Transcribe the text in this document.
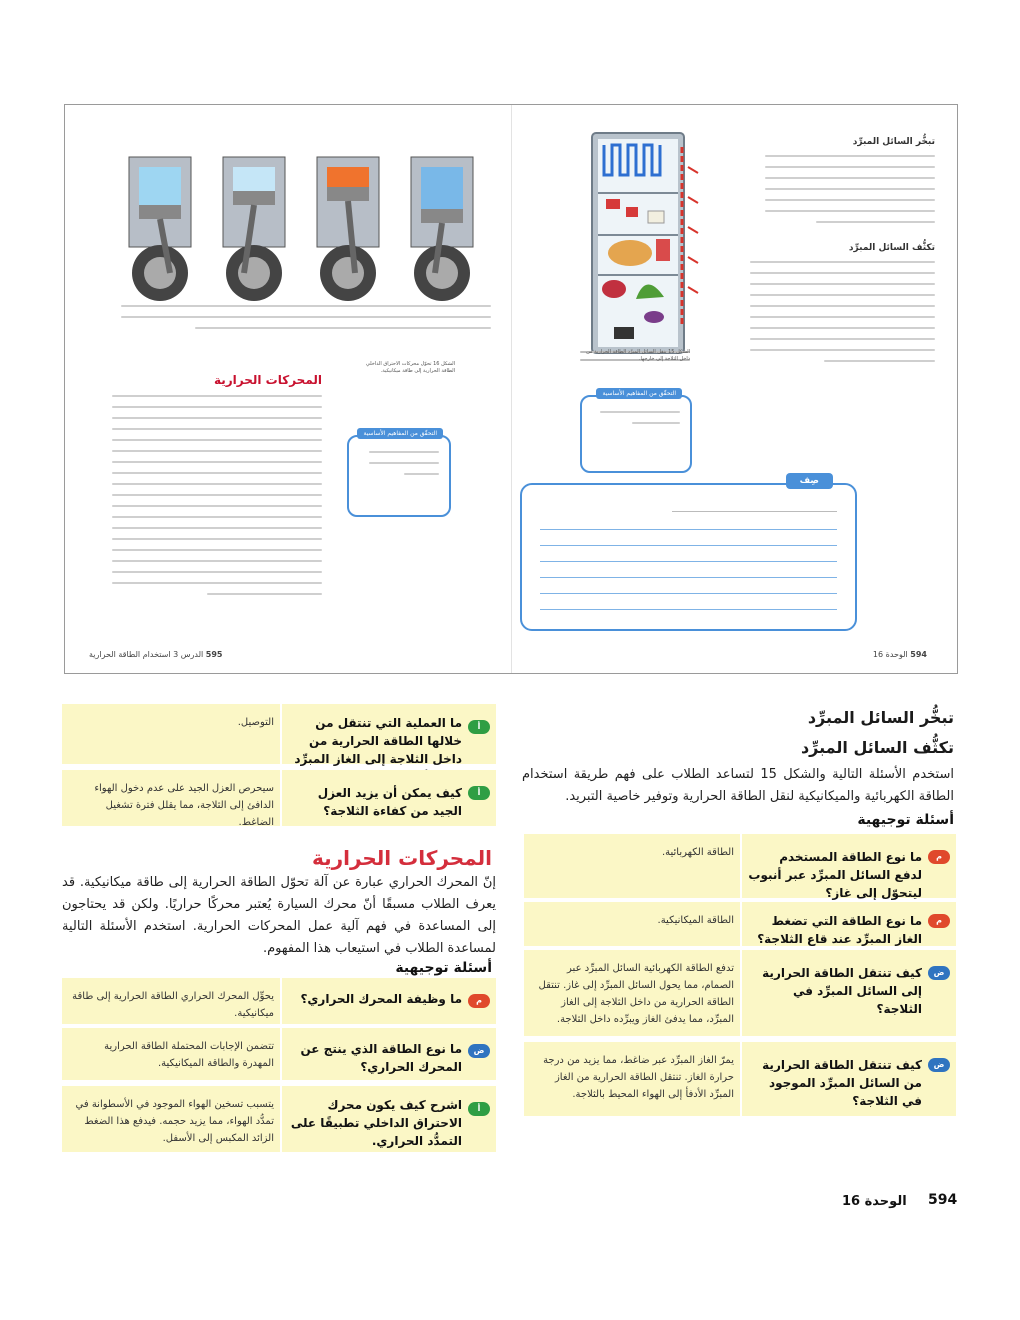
تبخُّر السائل المبرِّد
تكثُّف السائل المبرِّد
الشكل 15 ينقل السائل المبرِّد الطاقة الحرارية من داخل الثلاجة إلى خارجها.
التحقّق من المفاهيم الأساسية
صِف
594 الوحدة 16
المحركات الحرارية
الشكل 16 تحوّل محركات الاحتراق الداخلي الطاقة الحرارية إلى طاقة ميكانيكية.
التحقّق من المفاهيم الأساسية
595 الدرس 3 استخدام الطاقة الحرارية
تبخُّر السائل المبرِّد
تكثُّف السائل المبرِّد
استخدم الأسئلة التالية والشكل 15 لتساعد الطلاب على فهم طريقة استخدام الطاقة الكهربائية والميكانيكية لنقل الطاقة الحرارية وتوفير خاصية التبريد.
أسئلة توجيهية
م
ما نوع الطاقة المستخدم لدفع السائل المبرِّد عبر أنبوب ليتحوّل إلى غاز؟
الطاقة الكهربائية.
م
ما نوع الطاقة التي تضغط الغاز المبرِّد عند قاع الثلاجة؟
الطاقة الميكانيكية.
ض
كيف تنتقل الطاقة الحرارية إلى السائل المبرِّد في الثلاجة؟
تدفع الطاقة الكهربائية السائل المبرِّد عبر الصمام، مما يحول السائل المبرِّد إلى غاز. تنتقل الطاقة الحرارية من داخل الثلاجة إلى الغاز المبرِّد، مما يدفئ الغاز ويبرِّده داخل الثلاجة.
ض
كيف تنتقل الطاقة الحرارية من السائل المبرِّد الموجود في الثلاجة؟
يمرّ الغاز المبرِّد عبر ضاغط، مما يزيد من درجة حرارة الغاز. تنتقل الطاقة الحرارية من الغاز المبرِّد الأدفأ إلى الهواء المحيط بالثلاجة.
أ
ما العملية التي تنتقل من خلالها الطاقة الحرارية من داخل الثلاجة إلى الغاز المبرِّد
التوصيل.
أ
كيف يمكن أن يزيد العزل الجيد من كفاءة الثلاجة؟
سيحرص العزل الجيد على عدم دخول الهواء الدافئ إلى الثلاجة، مما يقلل فترة تشغيل الضاغط.
المحركات الحرارية
إنّ المحرك الحراري عبارة عن آلة تحوّل الطاقة الحرارية إلى طاقة ميكانيكية. قد يعرف الطلاب مسبقًا أنّ محرك السيارة يُعتبر محركًا حراريًا. ولكن قد يحتاجون إلى المساعدة في فهم آلية عمل المحركات الحرارية. استخدم الأسئلة التالية لمساعدة الطلاب في استيعاب هذا المفهوم.
أسئلة توجيهية
م
ما وظيفة المحرك الحراري؟
يحوِّل المحرك الحراري الطاقة الحرارية إلى طاقة ميكانيكية.
ض
ما نوع الطاقة الذي ينتج عن المحرك الحراري؟
تتضمن الإجابات المحتملة الطاقة الحرارية المهدرة والطاقة الميكانيكية.
أ
اشرح كيف يكون محرك الاحتراق الداخلي تطبيقًا على التمدُّد الحراري.
يتسبب تسخين الهواء الموجود في الأسطوانة في تمدُّد الهواء، مما يزيد حجمه. فيدفع هذا الضغط الزائد المكبس إلى الأسفل.
594
الوحدة 16
